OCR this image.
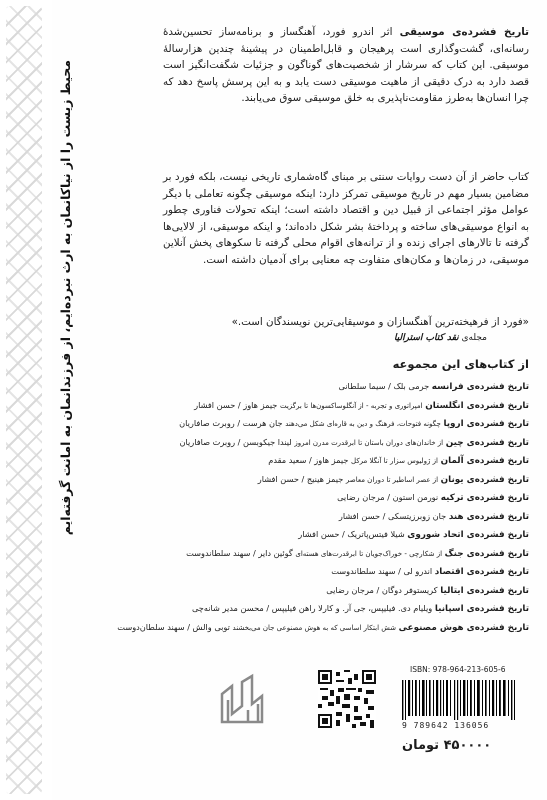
محیط زیست را از نیاکانمان به ارث نبرده‌ایم، از فرزندانمان به امانت گرفته‌ایم
تاریخ فشرده‌ی موسیقی اثر اندرو فورد، آهنگساز و برنامه‌ساز تحسین‌شدهٔ رسانه‌ای، گشت‌وگذاری است پرهیجان و قابل‌اطمینان در پیشینهٔ چندین هزارسالهٔ موسیقی. این کتاب که سرشار از شخصیت‌های گوناگون و جزئیات شگفت‌انگیز است قصد دارد به درک دقیقی از ماهیت موسیقی دست یابد و به این پرسش پاسخ دهد که چرا انسان‌ها به‌طرز مقاومت‌ناپذیری به خلق موسیقی سوق می‌یابند.
کتاب حاضر از آن دست روایات سنتی بر مبنای گاه‌شماری تاریخی نیست، بلکه فورد بر مضامین بسیار مهم در تاریخ موسیقی تمرکز دارد: اینکه موسیقی چگونه تعاملی با دیگر عوامل مؤثر اجتماعی از قبیل دین و اقتصاد داشته است؛ اینکه تحولات فناوری چطور به انواع موسیقی‌های ساخته و پرداختهٔ بشر شکل داده‌اند؛ و اینکه موسیقی، از لالایی‌ها گرفته تا تالارهای اجرای زنده و از ترانه‌های اقوام محلی گرفته تا سکوهای پخش آنلاین موسیقی، در زمان‌ها و مکان‌های متفاوت چه معنایی برای آدمیان داشته است.
«فورد از فرهیخته‌ترین آهنگسازان و موسیقایی‌ترین نویسندگان است.»
مجله‌ی نقد کتاب استرالیا
از کتاب‌های این مجموعه
تاریخ فشرده‌ی فرانسه جرمی بلک / سیما سلطانی
تاریخ فشرده‌ی انگلستان امپراتوری و تجربه - از آنگلوساکسون‌ها تا برگزیت جیمز هاوز / حسن افشار
تاریخ فشرده‌ی اروپا چگونه فتوحات، فرهنگ و دین به قاره‌ای شکل می‌دهند جان هرست / روبرت صافاریان
تاریخ فشرده‌ی چین از خاندان‌های دوران باستان تا ابرقدرت مدرن امروز لیندا جیکوبسن / روبرت صافاریان
تاریخ فشرده‌ی آلمان از ژولیوس سزار تا آنگلا مرکل جیمز هاوز / سعید مقدم
تاریخ فشرده‌ی یونان از عصر اساطیر تا دوران معاصر جیمز هینیج / حسن افشار
تاریخ فشرده‌ی ترکیه نورمن استون / مرجان رضایی
تاریخ فشرده‌ی هند جان زوبرزیتسکی / حسن افشار
تاریخ فشرده‌ی اتحاد شوروی شیلا فیتس‌پاتریک / حسن افشار
تاریخ فشرده‌ی جنگ از شکارچی - خوراک‌جویان تا ابرقدرت‌های هسته‌ای گوئین دایر / سهند سلطاندوست
تاریخ فشرده‌ی اقتصاد اندرو لی / سهند سلطاندوست
تاریخ فشرده‌ی ایتالیا کریستوفر دوگان / مرجان رضایی
تاریخ فشرده‌ی اسپانیا ویلیام دی. فیلیپس، جی آر. و کارلا راهن فیلیپس / محسن مدیر شانه‌چی
تاریخ فشرده‌ی هوش مصنوعی شش ابتکار اساسی که به هوش مصنوعی جان می‌بخشند توبی والش / سهند سلطان‌دوست
ISBN: 978-964-213-605-6
9 789642 136056
۴۵۰۰۰۰ تومان
